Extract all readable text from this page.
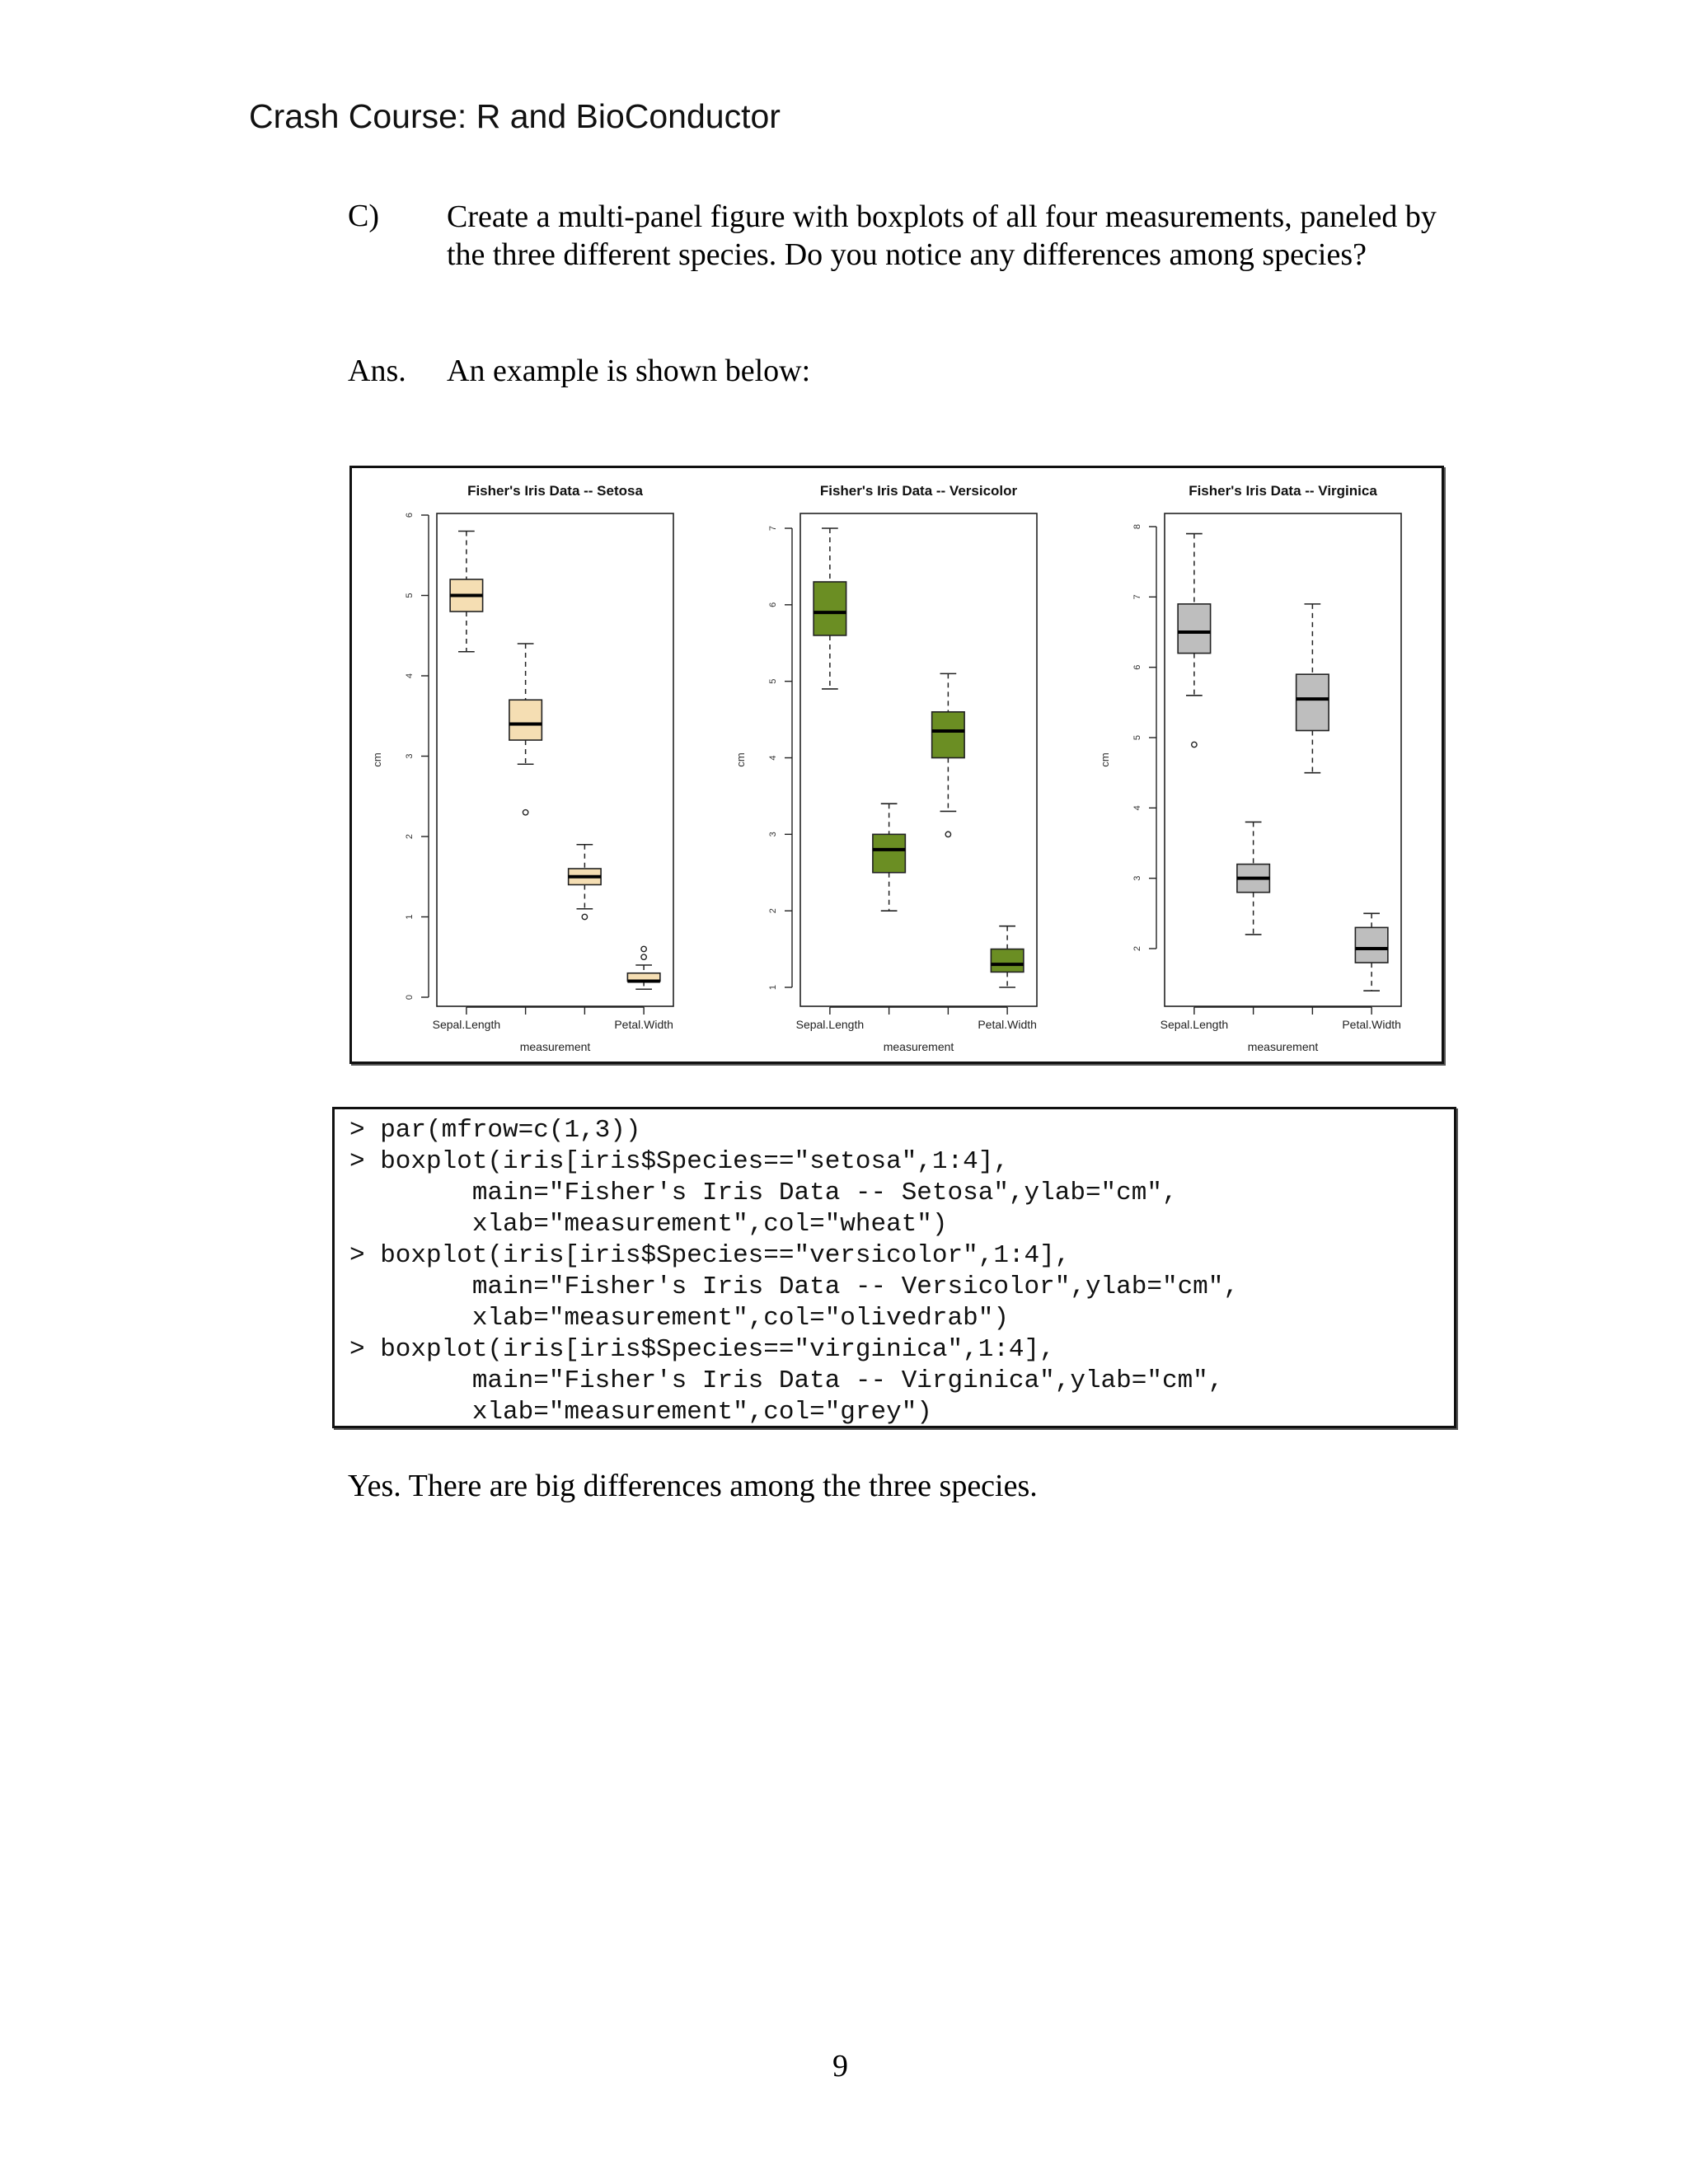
Crash Course: R and BioConductor
C) Create a multi-panel figure with boxplots of all four measurements, paneled by the three different species. Do you notice any differences among species?
Ans. An example is shown below:
Fisher's Iris Data -- Setosa
0
1
2
3
4
5
6
cm
Sepal.Length	Petal.Width
measurement
Fisher's Iris Data -- Versicolor
1
2
3
4
5
6
7
cm
Sepal.Length	Petal.Width
measurement
Fisher's Iris Data -- Virginica
2
3
4
5
6
7
8
cm
Sepal.Length	Petal.Width
measurement
> par(mfrow=c(1,3))
> boxplot(iris[iris$Species=="setosa",1:4],
main="Fisher's Iris Data -- Setosa",ylab="cm",
xlab="measurement",col="wheat")
> boxplot(iris[iris$Species=="versicolor",1:4],
main="Fisher's Iris Data -- Versicolor",ylab="cm",
xlab="measurement",col="olivedrab")
> boxplot(iris[iris$Species=="virginica",1:4],
main="Fisher's Iris Data -- Virginica",ylab="cm",
xlab="measurement",col="grey")
Yes. There are big differences among the three species.
9
